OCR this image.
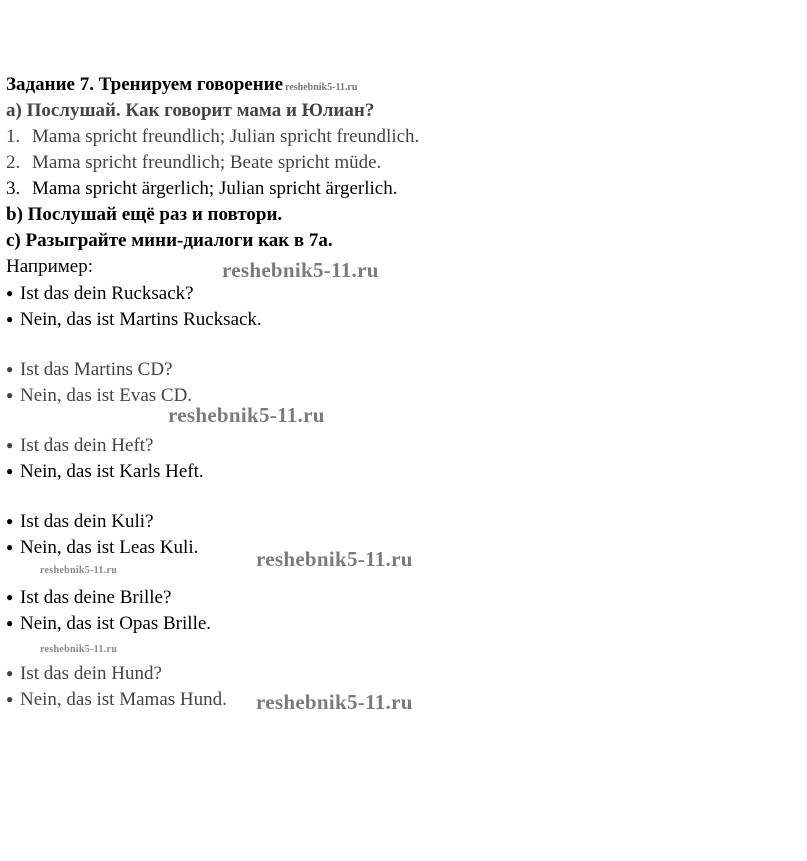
Задание 7. Тренируем говорение reshebnik5-11.ru
a) Послушай. Как говорит мама и Юлиан?
1. Mama spricht freundlich; Julian spricht freundlich.
2. Mama spricht freundlich; Beate spricht müde.
3. Mama spricht ärgerlich; Julian spricht ärgerlich.
b) Послушай ещё раз и повтори.
c) Разыграйте мини-диалоги как в 7а.
Например:
● Ist das dein Rucksack?
● Nein, das ist Martins Rucksack.
● Ist das Martins CD?
● Nein, das ist Evas CD.
● Ist das dein Heft?
● Nein, das ist Karls Heft.
● Ist das dein Kuli?
● Nein, das ist Leas Kuli.
● Ist das deine Brille?
● Nein, das ist Opas Brille.
● Ist das dein Hund?
● Nein, das ist Mamas Hund.
reshebnik5-11.ru
reshebnik5-11.ru
reshebnik5-11.ru
reshebnik5-11.ru
reshebnik5-11.ru
reshebnik5-11.ru
